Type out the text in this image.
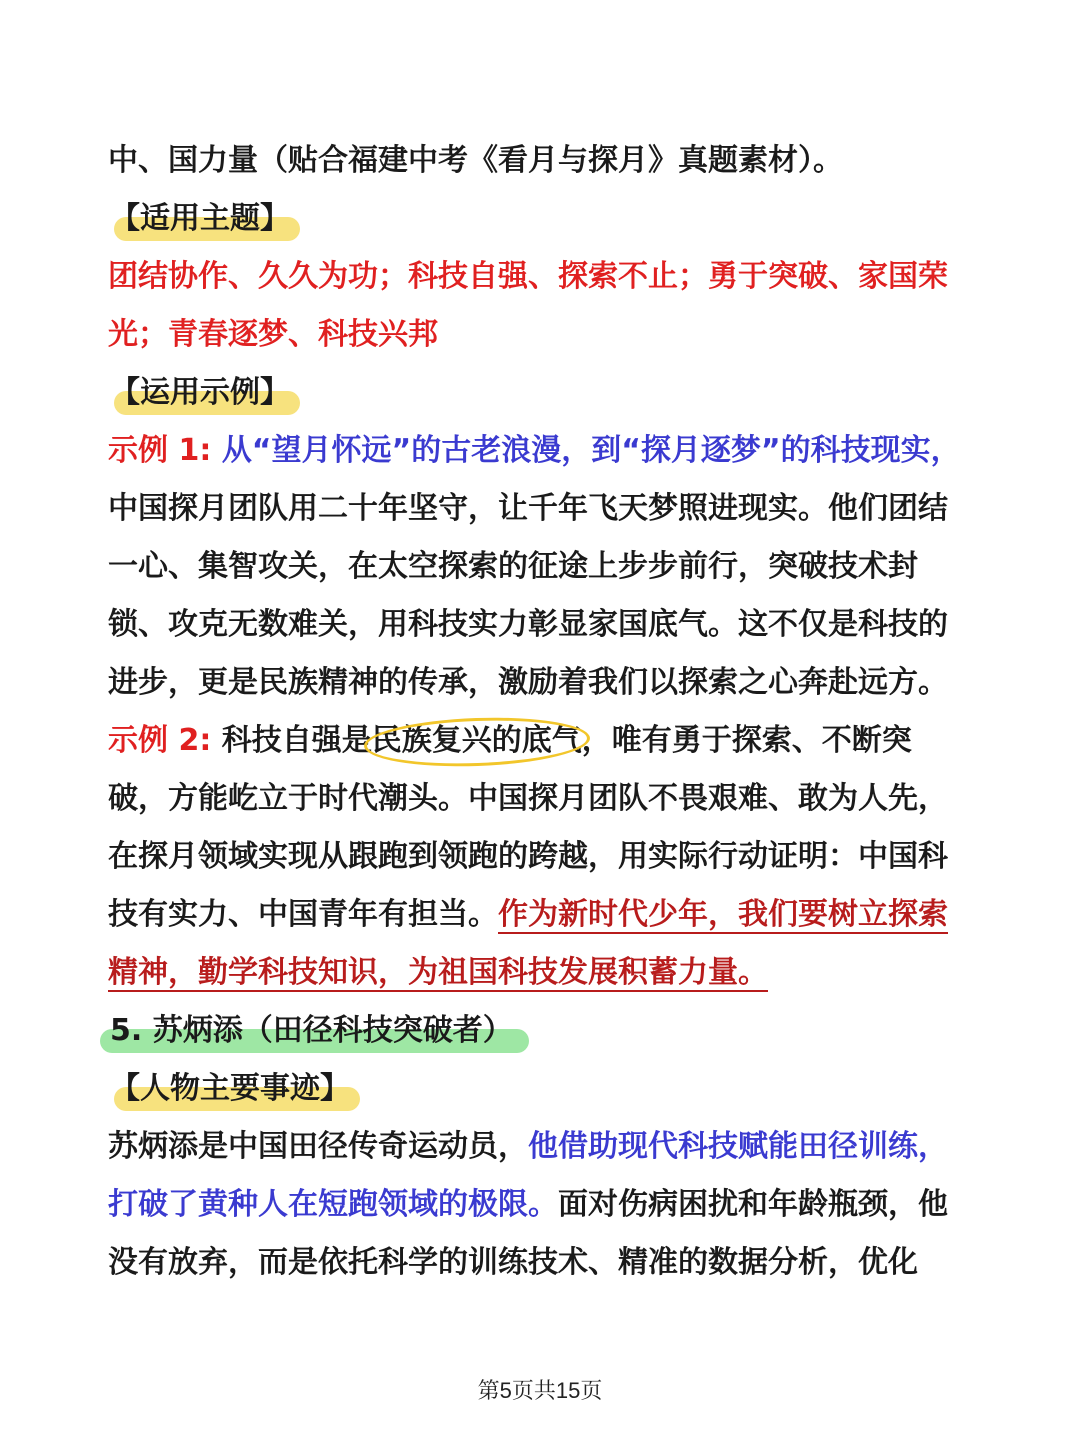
中、国力量（贴合福建中考《看月与探月》真题素材）。

【适用主题】

团结协作、久久为功；科技自强、探索不止；勇于突破、家国荣光；青春逐梦、科技兴邦

【运用示例】

示例 1: 从“望月怀远”的古老浪漫，到“探月逐梦”的科技现实，中国探月团队用二十年坚守，让千年飞天梦照进现实。他们团结一心、集智攻关，在太空探索的征途上步步前行，突破技术封锁、攻克无数难关，用科技实力彰显家国底气。这不仅是科技的进步，更是民族精神的传承，激励着我们以探索之心奔赴远方。

示例 2: 科技自强是民族复兴的底气，唯有勇于探索、不断突破，方能屹立于时代潮头。中国探月团队不畏艰难、敢为人先，在探月领域实现从跟跑到领跑的跨越，用实际行动证明：中国科技有实力、中国青年有担当。作为新时代少年，我们要树立探索精神，勤学科技知识，为祖国科技发展积蓄力量。

5. 苏炳添（田径科技突破者）

【人物主要事迹】

苏炳添是中国田径传奇运动员，他借助现代科技赋能田径训练，打破了黄种人在短跑领域的极限。面对伤病困扰和年龄瓶颈，他没有放弃，而是依托科学的训练技术、精准的数据分析，优化

第5页共15页
